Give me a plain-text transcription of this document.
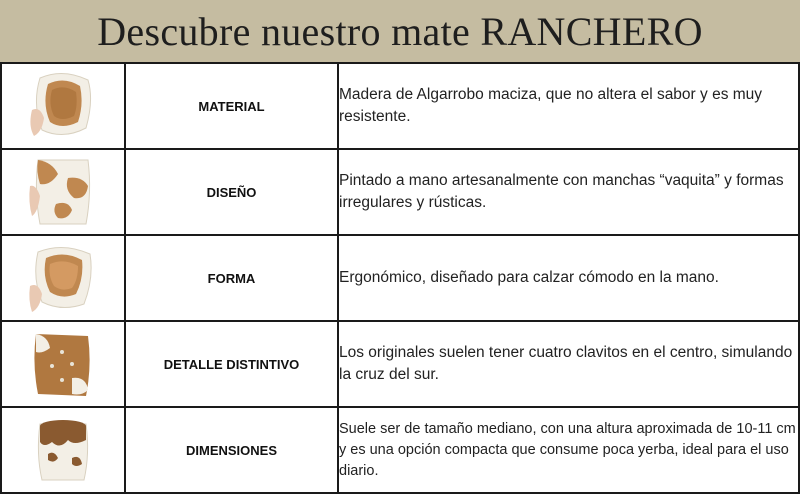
Descubre nuestro mate RANCHERO
	MATERIAL	Madera de Algarrobo maciza, que no altera el sabor y es muy resistente.

	DISEÑO	Pintado a mano artesanalmente con manchas “vaquita” y formas irregulares y rústicas.

	FORMA	Ergonómico, diseñado para calzar cómodo en la mano.

	DETALLE DISTINTIVO	Los originales suelen tener cuatro clavitos en el centro, simulando la cruz del sur.

	DIMENSIONES	Suele ser de tamaño mediano, con una altura aproximada de 10-11 cm y es una opción compacta que consume poca yerba, ideal para el uso diario.
